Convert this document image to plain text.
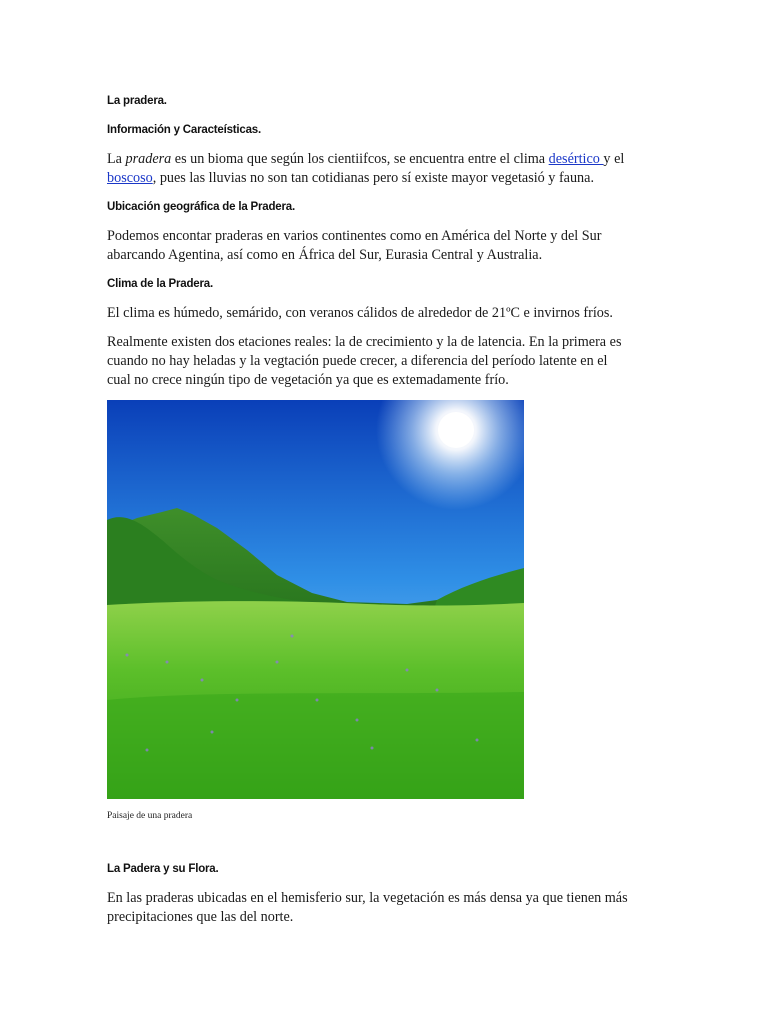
La pradera.
Información y Caracteísticas.
La pradera es un bioma que según los cientiifcos, se encuentra entre el clima desértico y el
boscoso, pues las lluvias no son tan cotidianas pero sí existe mayor vegetasió y fauna.
Ubicación geográfica de la Pradera.
Podemos encontar praderas en varios continentes como en América del Norte y del Sur
abarcando Agentina, así como en África del Sur, Eurasia Central y Australia.
Clima de la Pradera.
El clima es húmedo, semárido, con veranos cálidos de alrededor de 21ºC e invirnos fríos.
Realmente existen dos etaciones reales: la de crecimiento y la de latencia. En la primera es
cuando no hay heladas y la vegtación puede crecer, a diferencia del período latente en el
cual no crece ningún tipo de vegetación ya que es extemadamente frío.
Paisaje de una pradera
La Padera y su Flora.
En las praderas ubicadas en el hemisferio sur, la vegetación es más densa ya que tienen más
precipitaciones que las del norte.
